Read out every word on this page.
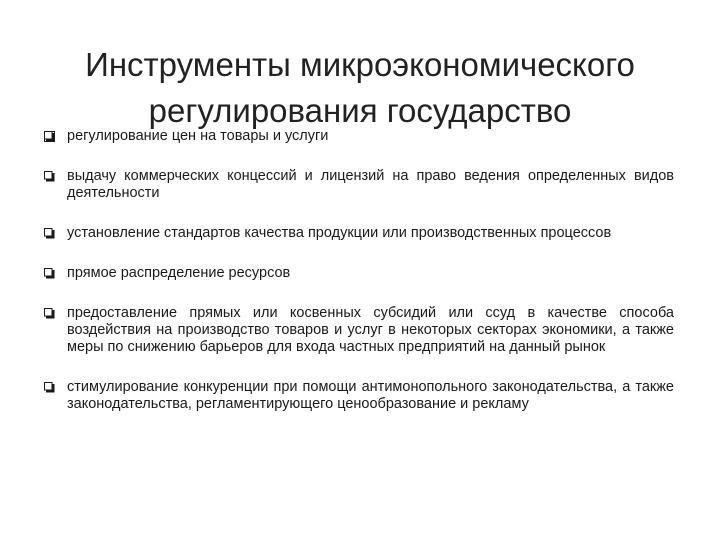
Инструменты микроэкономического регулирования государство
регулирование цен на товары и услуги
выдачу коммерческих концессий и лицензий на право ведения определенных видов деятельности
установление стандартов качества продукции или производственных процессов
прямое распределение ресурсов
предоставление прямых или косвенных субсидий или ссуд в качестве способа воздействия на производство товаров и услуг в некоторых секторах экономики, а также меры по снижению барьеров для входа частных предприятий на данный рынок
стимулирование конкуренции при помощи антимонопольного законодательства, а также законодательства, регламентирующего ценообразование и рекламу
